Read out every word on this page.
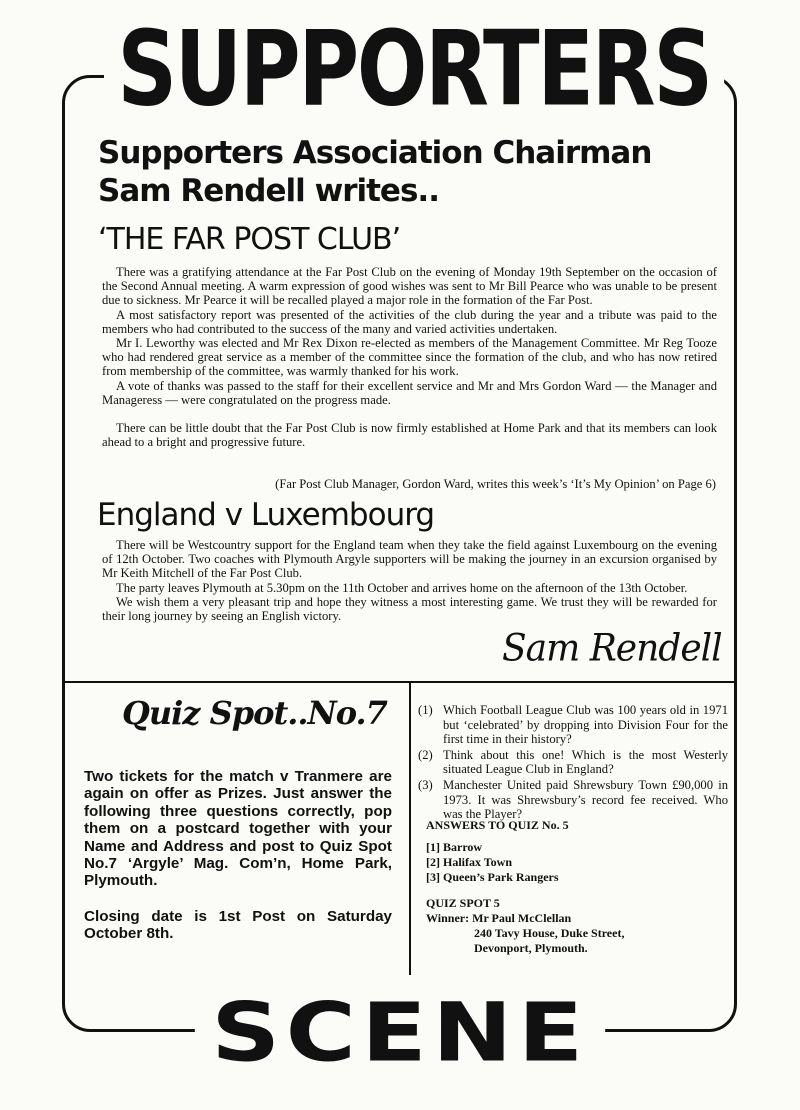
SUPPORTERS
Supporters Association Chairman
Sam Rendell writes..
‘THE FAR POST CLUB’

There was a gratifying attendance at the Far Post Club on the evening of Monday 19th September on the occasion of the Second Annual meeting. A warm expression of good wishes was sent to Mr Bill Pearce who was unable to be present due to sickness. Mr Pearce it will be recalled played a major role in the formation of the Far Post.

A most satisfactory report was presented of the activities of the club during the year and a tribute was paid to the members who had contributed to the success of the many and varied activities undertaken.

Mr I. Leworthy was elected and Mr Rex Dixon re-elected as members of the Management Committee. Mr Reg Tooze who had rendered great service as a member of the committee since the formation of the club, and who has now retired from membership of the committee, was warmly thanked for his work.

A vote of thanks was passed to the staff for their excellent service and Mr and Mrs Gordon Ward — the Manager and Manageress — were congratulated on the progress made.

There can be little doubt that the Far Post Club is now firmly established at Home Park and that its members can look ahead to a bright and progressive future.

(Far Post Club Manager, Gordon Ward, writes this week’s ‘It’s My Opinion’ on Page 6)
England v Luxembourg

There will be Westcountry support for the England team when they take the field against Luxembourg on the evening of 12th October. Two coaches with Plymouth Argyle supporters will be making the journey in an excursion organised by Mr Keith Mitchell of the Far Post Club.

The party leaves Plymouth at 5.30pm on the 11th October and arrives home on the afternoon of the 13th October.

We wish them a very pleasant trip and hope they witness a most interesting game. We trust they will be rewarded for their long journey by seeing an English victory.

Sam Rendell
Quiz Spot..No.7

Two tickets for the match v Tranmere are again on offer as Prizes. Just answer the following three questions correctly, pop them on a postcard together with your Name and Address and post to Quiz Spot No.7 ‘Argyle’ Mag. Com’n, Home Park, Plymouth.

Closing date is 1st Post on Saturday October 8th.

(1) Which Football League Club was 100 years old in 1971 but ‘celebrated’ by dropping into Division Four for the first time in their history?
(2) Think about this one! Which is the most Westerly situated League Club in England?
(3) Manchester United paid Shrewsbury Town £90,000 in 1973. It was Shrewsbury’s record fee received. Who was the Player?
ANSWERS TO QUIZ No. 5
[1] Barrow
[2] Halifax Town
[3] Queen’s Park Rangers
QUIZ SPOT 5
Winner: Mr Paul McClellan
240 Tavy House, Duke Street,
Devonport, Plymouth.
SCENE
